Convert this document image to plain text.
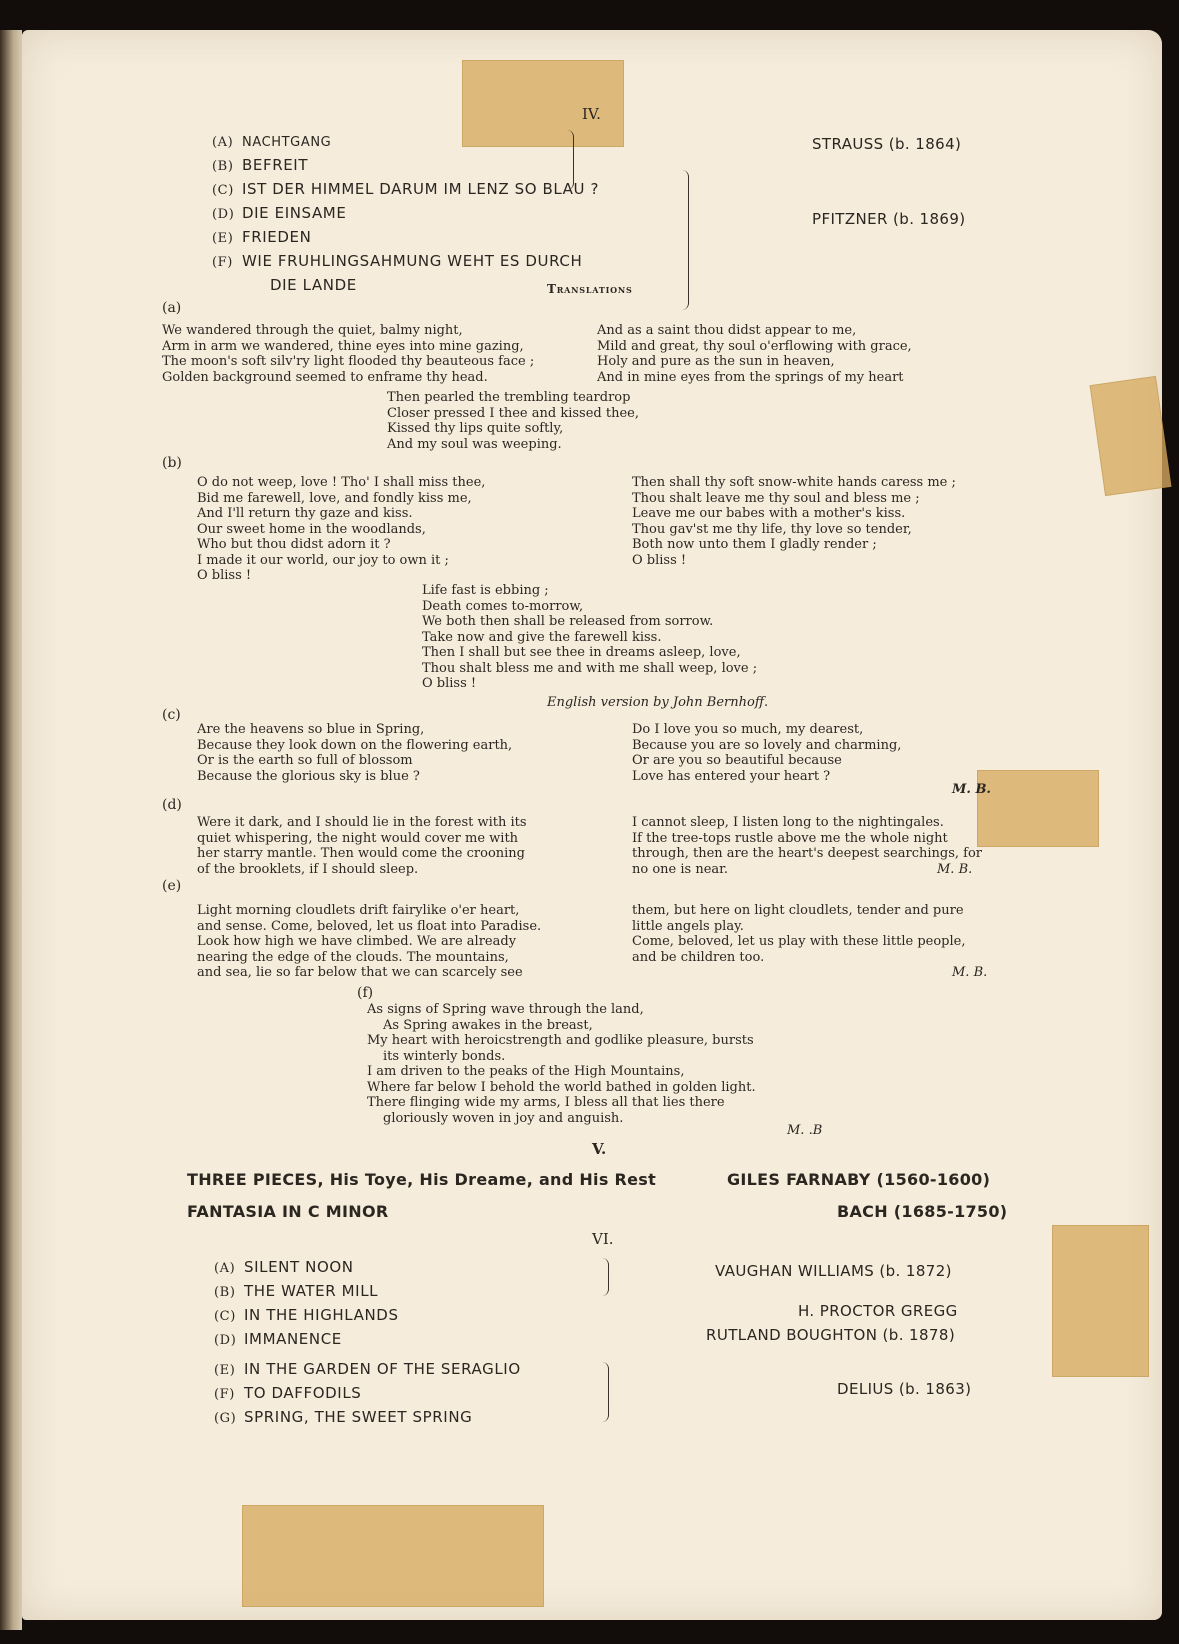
IV.
(A) NACHTGANG
(B) BEFREIT
(C) IST DER HIMMEL DARUM IM LENZ SO BLAU ?
(D) DIE EINSAME
(E) FRIEDEN
(F) WIE FRUHLINGSAHMUNG WEHT ES DURCH
DIE LANDE
STRAUSS (b. 1864)
PFITZNER (b. 1869)
Translations
(a)
We wandered through the quiet, balmy night,
Arm in arm we wandered, thine eyes into mine gazing,
The moon's soft silv'ry light flooded thy beauteous face ;
Golden background seemed to enframe thy head.
And as a saint thou didst appear to me,
Mild and great, thy soul o'erflowing with grace,
Holy and pure as the sun in heaven,
And in mine eyes from the springs of my heart
Then pearled the trembling teardrop
Closer pressed I thee and kissed thee,
Kissed thy lips quite softly,
And my soul was weeping.
(b)
O do not weep, love ! Tho' I shall miss thee,
Bid me farewell, love, and fondly kiss me,
And I'll return thy gaze and kiss.
Our sweet home in the woodlands,
Who but thou didst adorn it ?
I made it our world, our joy to own it ;
O bliss !
Then shall thy soft snow-white hands caress me ;
Thou shalt leave me thy soul and bless me ;
Leave me our babes with a mother's kiss.
Thou gav'st me thy life, thy love so tender,
Both now unto them I gladly render ;
O bliss !
Life fast is ebbing ;
Death comes to-morrow,
We both then shall be released from sorrow.
Take now and give the farewell kiss.
Then I shall but see thee in dreams asleep, love,
Thou shalt bless me and with me shall weep, love ;
O bliss !
English version by John Bernhoff.
(c)
Are the heavens so blue in Spring,
Because they look down on the flowering earth,
Or is the earth so full of blossom
Because the glorious sky is blue ?
Do I love you so much, my dearest,
Because you are so lovely and charming,
Or are you so beautiful because
Love has entered your heart ?
M. B.
(d)
Were it dark, and I should lie in the forest with its
quiet whispering, the night would cover me with
her starry mantle. Then would come the crooning
of the brooklets, if I should sleep.
I cannot sleep, I listen long to the nightingales.
If the tree-tops rustle above me the whole night
through, then are the heart's deepest searchings, for
no one is near.	M. B.
(e)
Light morning cloudlets drift fairylike o'er heart,
and sense. Come, beloved, let us float into Paradise.
Look how high we have climbed. We are already
nearing the edge of the clouds. The mountains,
and sea, lie so far below that we can scarcely see
them, but here on light cloudlets, tender and pure
little angels play.
Come, beloved, let us play with these little people,
and be children too.
M. B.
(f)
As signs of Spring wave through the land,
As Spring awakes in the breast,
My heart with heroicstrength and godlike pleasure, bursts
its winterly bonds.
I am driven to the peaks of the High Mountains,
Where far below I behold the world bathed in golden light.
There flinging wide my arms, I bless all that lies there
gloriously woven in joy and anguish.
M. .B
V.
THREE PIECES, His Toye, His Dreame, and His Rest	GILES FARNABY (1560-1600)
FANTASIA IN C MINOR	BACH (1685-1750)
VI.
(A) SILENT NOON
(B) THE WATER MILL
(C) IN THE HIGHLANDS
(D) IMMANENCE
(E) IN THE GARDEN OF THE SERAGLIO
(F) TO DAFFODILS
(G) SPRING, THE SWEET SPRING
VAUGHAN WILLIAMS (b. 1872)
H. PROCTOR GREGG
RUTLAND BOUGHTON (b. 1878)
DELIUS (b. 1863)
